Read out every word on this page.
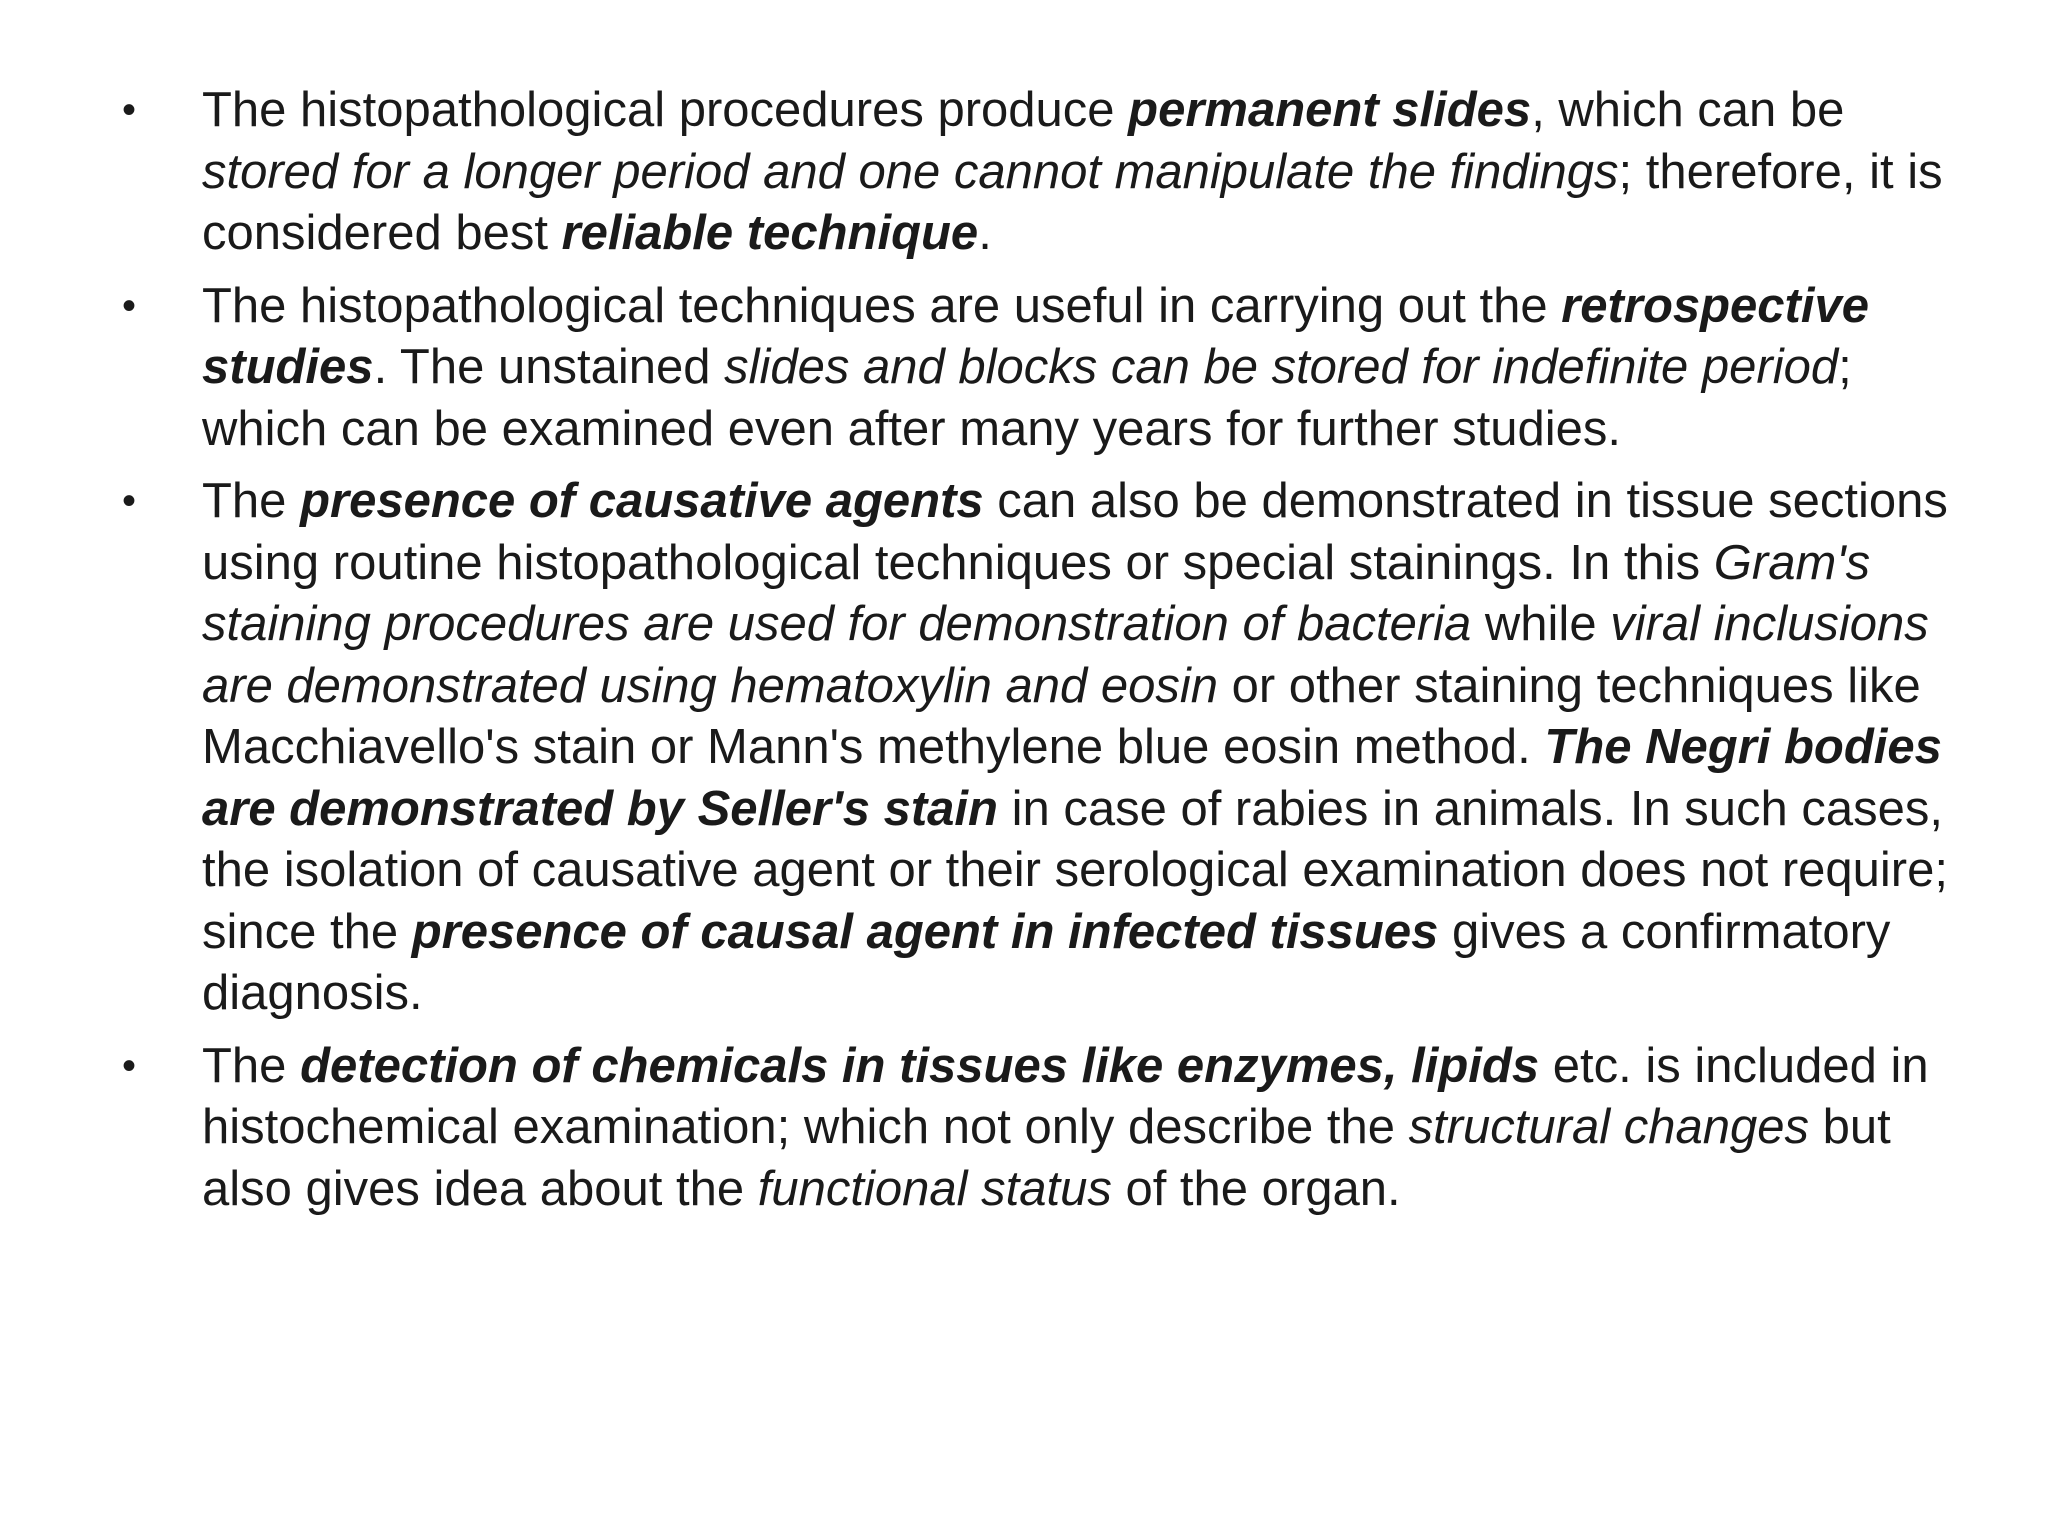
• The histopathological procedures produce permanent slides, which can be stored for a longer period and one cannot manipulate the findings; therefore, it is considered best reliable technique.
• The histopathological techniques are useful in carrying out the retrospective studies. The unstained slides and blocks can be stored for indefinite period; which can be examined even after many years for further studies.
• The presence of causative agents can also be demonstrated in tissue sections using routine histopathological techniques or special stainings. In this Gram's staining procedures are used for demonstration of bacteria while viral inclusions are demonstrated using hematoxylin and eosin or other staining techniques like Macchiavello's stain or Mann's methylene blue eosin method. The Negri bodies are demonstrated by Seller's stain in case of rabies in animals. In such cases, the isolation of causative agent or their serological examination does not require; since the presence of causal agent in infected tissues gives a confirmatory diagnosis.
• The detection of chemicals in tissues like enzymes, lipids etc. is included in histochemical examination; which not only describe the structural changes but also gives idea about the functional status of the organ.
